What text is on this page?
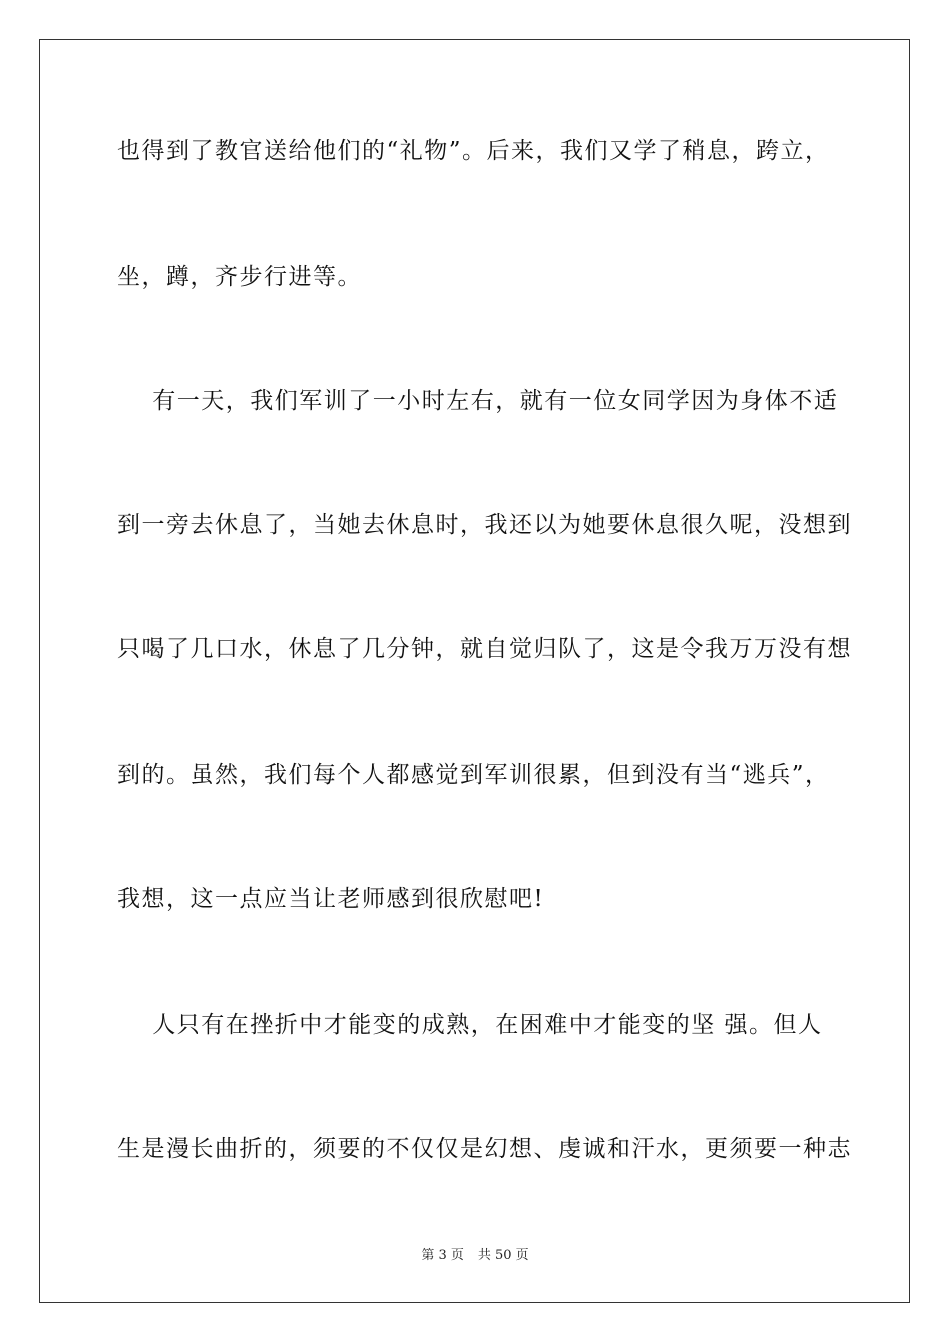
也得到了教官送给他们的“礼物”。后来，我们又学了稍息，跨立，
坐，蹲，齐步行进等。
有一天，我们军训了一小时左右，就有一位女同学因为身体不适
到一旁去休息了，当她去休息时，我还以为她要休息很久呢，没想到
只喝了几口水，休息了几分钟，就自觉归队了，这是令我万万没有想
到的。虽然，我们每个人都感觉到军训很累，但到没有当“逃兵”，
我想，这一点应当让老师感到很欣慰吧!
人只有在挫折中才能变的成熟，在困难中才能变的坚 强。但人
生是漫长曲折的，须要的不仅仅是幻想、虔诚和汗水，更须要一种志
第 3 页 共 50 页
